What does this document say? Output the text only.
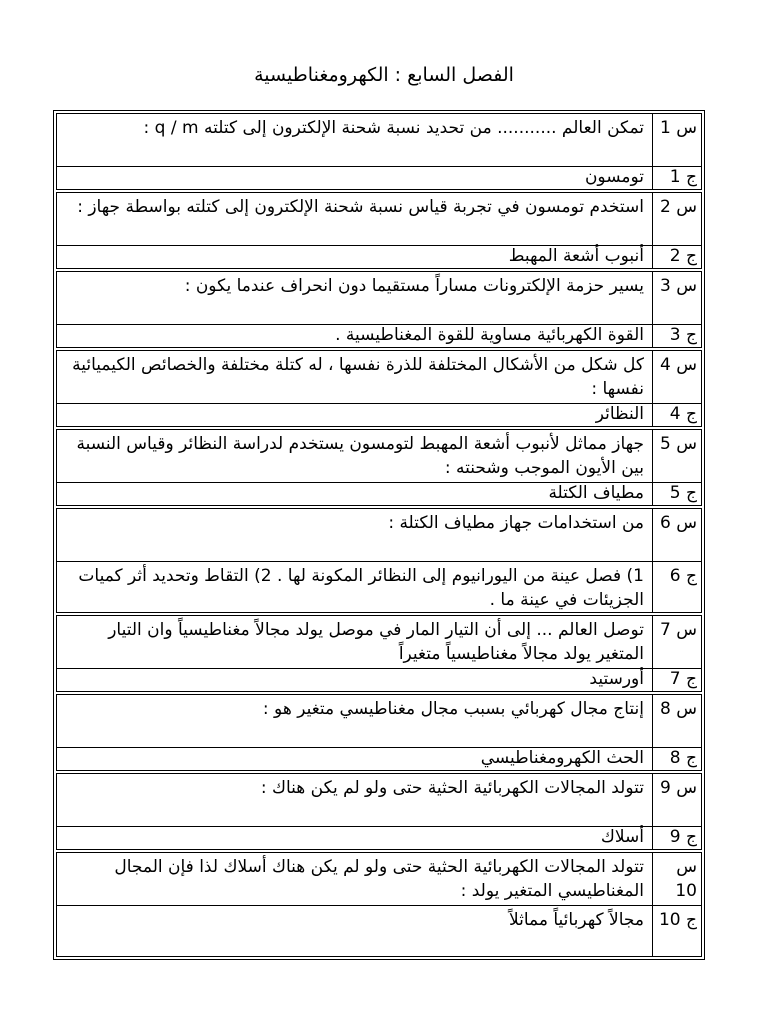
الفصل السابع : الكهرومغناطيسية
س 1
تمكن العالم ........... من تحديد نسبة شحنة الإلكترون إلى كتلته q / m :
ج 1
تومسون
س 2
استخدم تومسون في تجربة قياس نسبة شحنة الإلكترون إلى كتلته بواسطة جهاز :
ج 2
أنبوب أشعة المهبط
س 3
يسير حزمة الإلكترونات مساراً مستقيما دون انحراف عندما يكون :
ج 3
القوة الكهربائية مساوية للقوة المغناطيسية .
س 4
كل شكل من الأشكال المختلفة للذرة نفسها ، له كتلة مختلفة والخصائص الكيميائية نفسها :
ج 4
النظائر
س 5
جهاز مماثل لأنبوب أشعة المهبط لتومسون يستخدم لدراسة النظائر وقياس النسبة بين الأيون الموجب وشحنته :
ج 5
مطياف الكتلة
س 6
من استخدامات جهاز مطياف الكتلة :
ج 6
1) فصل عينة من اليورانيوم إلى النظائر المكونة لها . 2) التقاط وتحديد أثر كميات الجزيئات في عينة ما .
س 7
توصل العالم ... إلى أن التيار المار في موصل يولد مجالاً مغناطيسياً وان التيار المتغير يولد مجالاً مغناطيسياً متغيراً
ج 7
أورستيد
س 8
إنتاج مجال كهربائي بسبب مجال مغناطيسي متغير هو :
ج 8
الحث الكهرومغناطيسي
س 9
تتولد المجالات الكهربائية الحثية حتى ولو لم يكن هناك :
ج 9
أسلاك
س 10
تتولد المجالات الكهربائية الحثية حتى ولو لم يكن هناك أسلاك لذا فإن المجال المغناطيسي المتغير يولد :
ج 10
مجالاً كهربائياً مماثلاً
